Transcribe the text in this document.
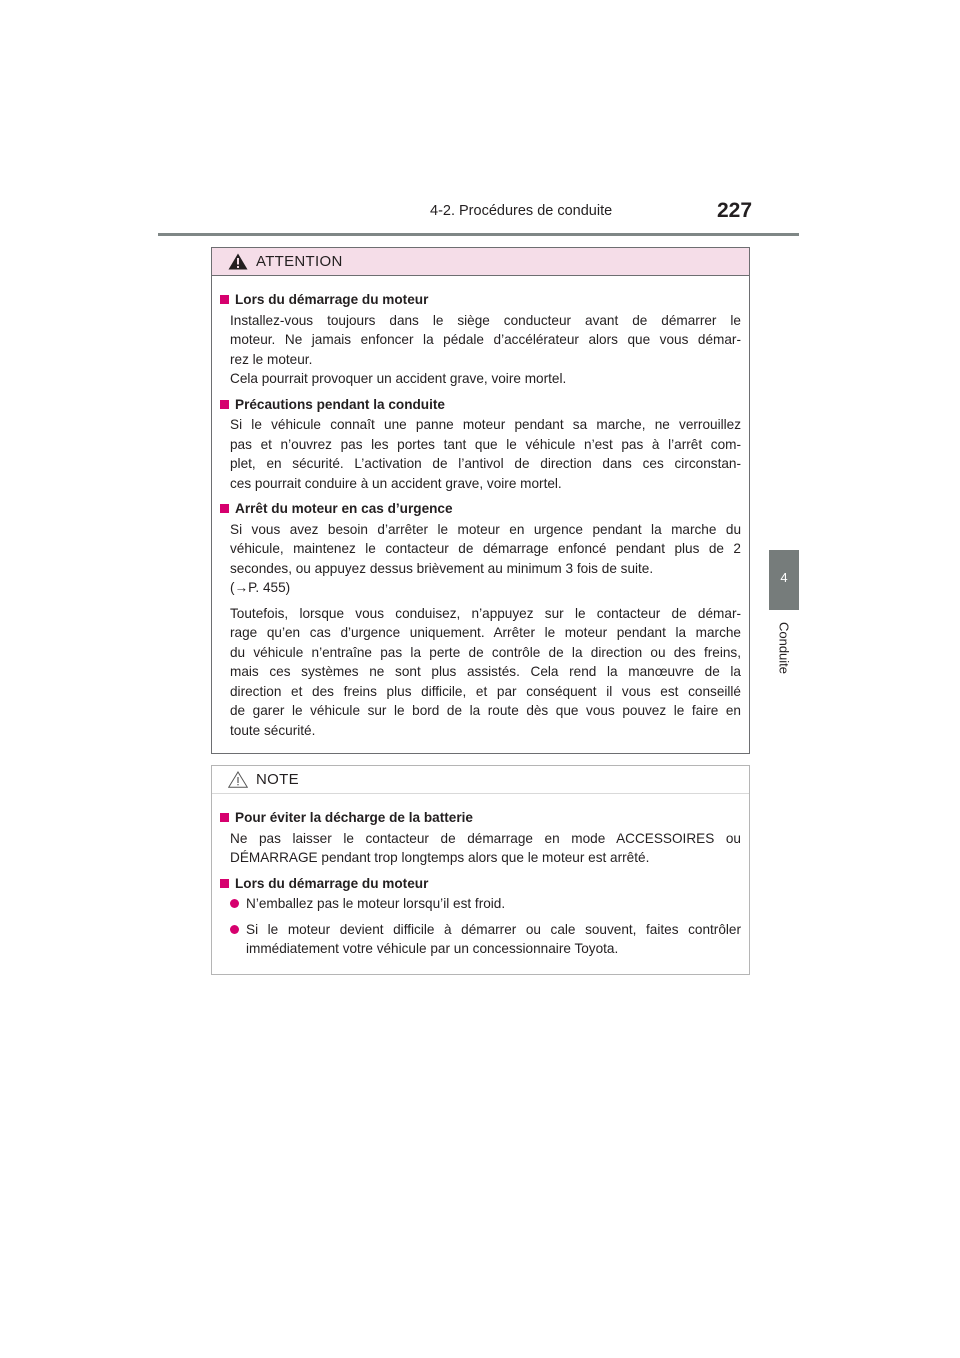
4-2. Procédures de conduite	227
4
Conduite
ATTENTION
Lors du démarrage du moteur
Installez-vous toujours dans le siège conducteur avant de démarrer le
moteur. Ne jamais enfoncer la pédale d’accélérateur alors que vous démar-
rez le moteur.
Cela pourrait provoquer un accident grave, voire mortel.
Précautions pendant la conduite
Si le véhicule connaît une panne moteur pendant sa marche, ne verrouillez
pas et n’ouvrez pas les portes tant que le véhicule n’est pas à l’arrêt com-
plet, en sécurité. L’activation de l’antivol de direction dans ces circonstan-
ces pourrait conduire à un accident grave, voire mortel.
Arrêt du moteur en cas d’urgence
Si vous avez besoin d’arrêter le moteur en urgence pendant la marche du
véhicule, maintenez le contacteur de démarrage enfoncé pendant plus de 2
secondes, ou appuyez dessus brièvement au minimum 3 fois de suite.
(→P. 455)
Toutefois, lorsque vous conduisez, n’appuyez sur le contacteur de démar-
rage qu’en cas d’urgence uniquement. Arrêter le moteur pendant la marche
du véhicule n’entraîne pas la perte de contrôle de la direction ou des freins,
mais ces systèmes ne sont plus assistés. Cela rend la manœuvre de la
direction et des freins plus difficile, et par conséquent il vous est conseillé
de garer le véhicule sur le bord de la route dès que vous pouvez le faire en
toute sécurité.
NOTE
Pour éviter la décharge de la batterie
Ne pas laisser le contacteur de démarrage en mode ACCESSOIRES ou
DÉMARRAGE pendant trop longtemps alors que le moteur est arrêté.
Lors du démarrage du moteur
N’emballez pas le moteur lorsqu’il est froid.
Si le moteur devient difficile à démarrer ou cale souvent, faites contrôler
immédiatement votre véhicule par un concessionnaire Toyota.
